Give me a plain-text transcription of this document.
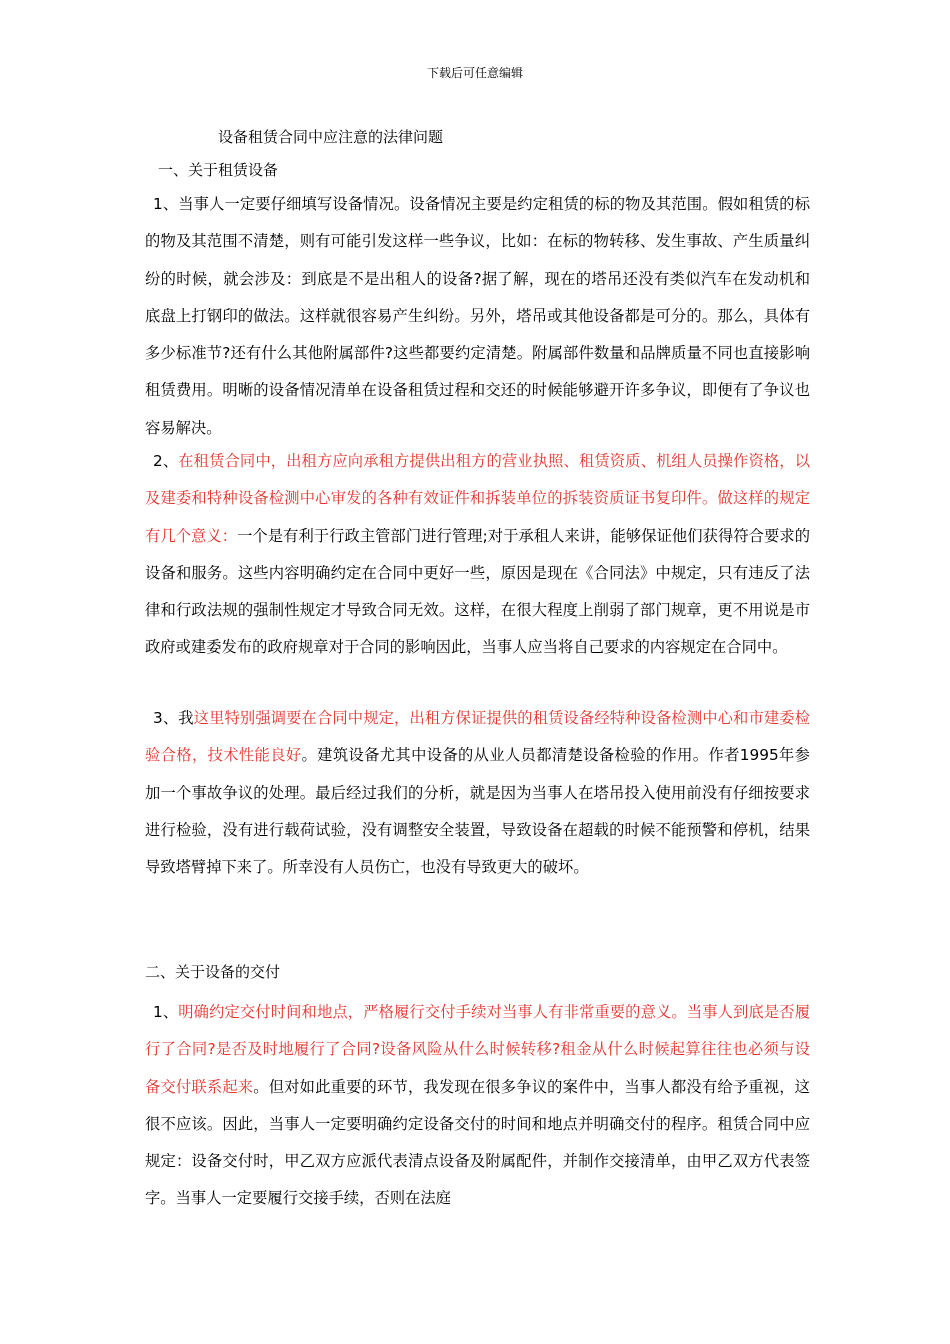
下载后可任意编辑
设备租赁合同中应注意的法律问题
一、关于租赁设备
1、当事人一定要仔细填写设备情况。设备情况主要是约定租赁的标的物及其范围。假如租赁的标的物及其范围不清楚，则有可能引发这样一些争议，比如：在标的物转移、发生事故、产生质量纠纷的时候，就会涉及：到底是不是出租人的设备?据了解，现在的塔吊还没有类似汽车在发动机和底盘上打钢印的做法。这样就很容易产生纠纷。另外，塔吊或其他设备都是可分的。那么，具体有多少标准节?还有什么其他附属部件?这些都要约定清楚。附属部件数量和品牌质量不同也直接影响租赁费用。明晰的设备情况清单在设备租赁过程和交还的时候能够避开许多争议，即便有了争议也容易解决。
2、在租赁合同中，出租方应向承租方提供出租方的营业执照、租赁资质、机组人员操作资格，以及建委和特种设备检测中心审发的各种有效证件和拆装单位的拆装资质证书复印件。做这样的规定有几个意义：一个是有利于行政主管部门进行管理;对于承租人来讲，能够保证他们获得符合要求的设备和服务。这些内容明确约定在合同中更好一些，原因是现在《合同法》中规定，只有违反了法律和行政法规的强制性规定才导致合同无效。这样，在很大程度上削弱了部门规章，更不用说是市政府或建委发布的政府规章对于合同的影响因此，当事人应当将自己要求的内容规定在合同中。
3、我这里特别强调要在合同中规定，出租方保证提供的租赁设备经特种设备检测中心和市建委检验合格，技术性能良好。建筑设备尤其中设备的从业人员都清楚设备检验的作用。作者1995年参加一个事故争议的处理。最后经过我们的分析，就是因为当事人在塔吊投入使用前没有仔细按要求进行检验，没有进行载荷试验，没有调整安全装置，导致设备在超载的时候不能预警和停机，结果导致塔臂掉下来了。所幸没有人员伤亡，也没有导致更大的破坏。
二、关于设备的交付
1、明确约定交付时间和地点，严格履行交付手续对当事人有非常重要的意义。当事人到底是否履行了合同?是否及时地履行了合同?设备风险从什么时候转移?租金从什么时候起算往往也必须与设备交付联系起来。但对如此重要的环节，我发现在很多争议的案件中，当事人都没有给予重视，这很不应该。因此，当事人一定要明确约定设备交付的时间和地点并明确交付的程序。租赁合同中应规定：设备交付时，甲乙双方应派代表清点设备及附属配件，并制作交接清单，由甲乙双方代表签字。当事人一定要履行交接手续，否则在法庭
